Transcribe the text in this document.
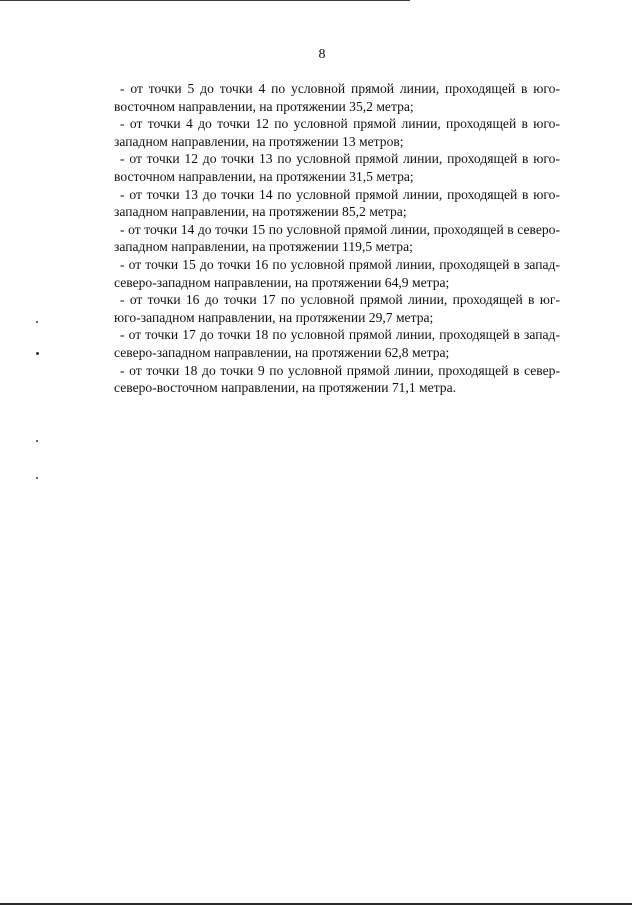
8

- от точки 5 до точки 4 по условной прямой линии, проходящей в юго-восточном направлении, на протяжении 35,2 метра;

- от точки 4 до точки 12 по условной прямой линии, проходящей в юго-западном направлении, на протяжении 13 метров;

- от точки 12 до точки 13 по условной прямой линии, проходящей в юго-восточном направлении, на протяжении 31,5 метра;

- от точки 13 до точки 14 по условной прямой линии, проходящей в юго-западном направлении, на протяжении 85,2 метра;

- от точки 14 до точки 15 по условной прямой линии, проходящей в северо-западном направлении, на протяжении 119,5 метра;

- от точки 15 до точки 16 по условной прямой линии, проходящей в запад-северо-западном направлении, на протяжении 64,9 метра;

- от точки 16 до точки 17 по условной прямой линии, проходящей в юг-юго-западном направлении, на протяжении 29,7 метра;

- от точки 17 до точки 18 по условной прямой линии, проходящей в запад-северо-западном направлении, на протяжении 62,8 метра;

- от точки 18 до точки 9 по условной прямой линии, проходящей в север-северо-восточном направлении, на протяжении 71,1 метра.
